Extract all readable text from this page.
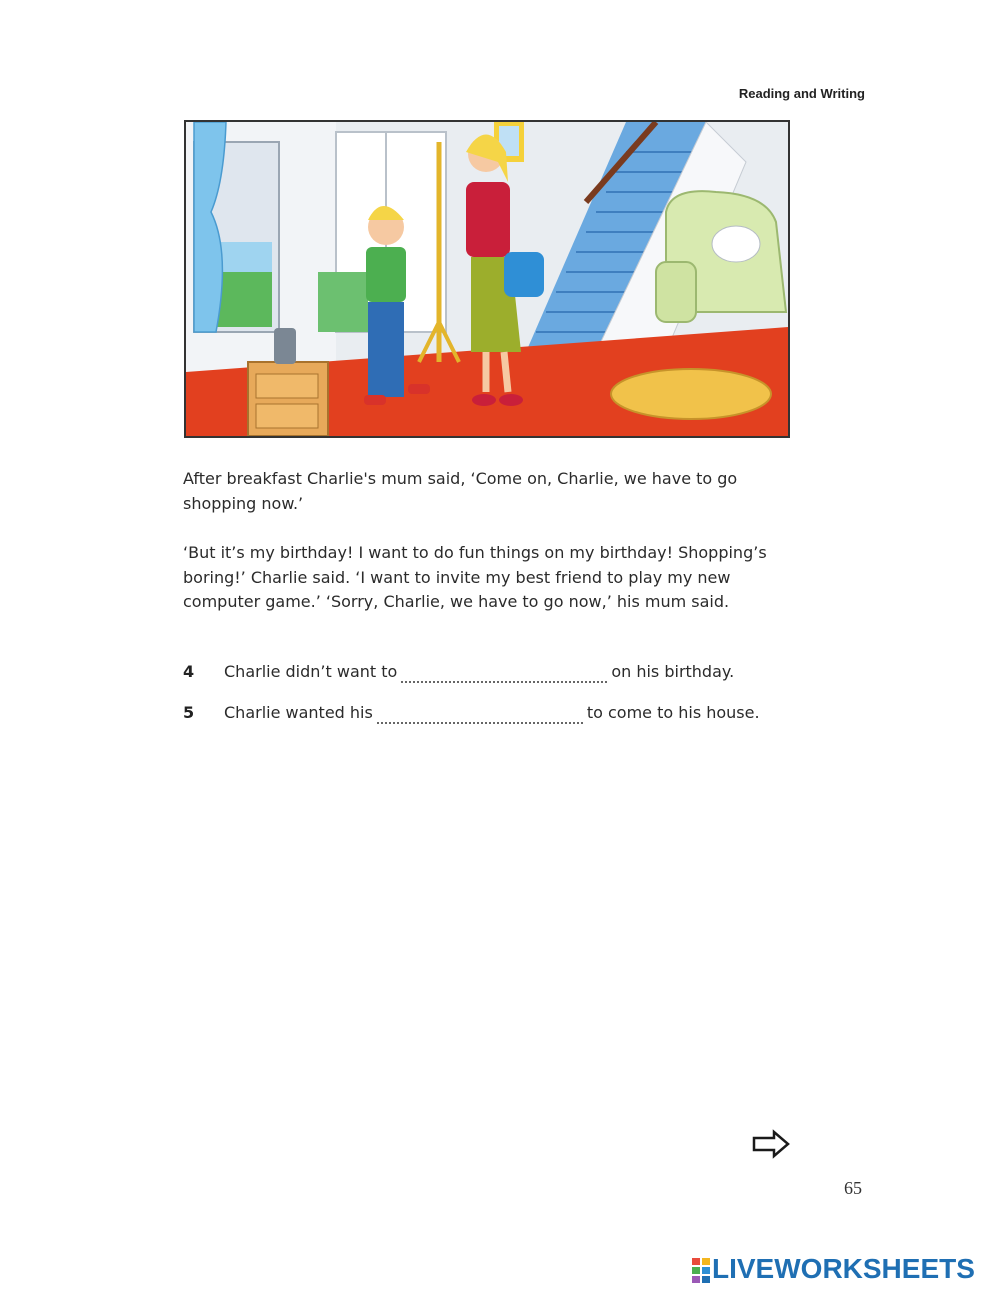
Reading and Writing

After breakfast Charlie's mum said, ‘Come on, Charlie, we have to go shopping now.’

‘But it’s my birthday! I want to do fun things on my birthday! Shopping’s boring!’ Charlie said. ‘I want to invite my best friend to play my new computer game.’ ‘Sorry, Charlie, we have to go now,’ his mum said.

4 Charlie didn’t want to	on his birthday.
5 Charlie wanted his	to come to his house.
65
LIVEWORKSHEETS
